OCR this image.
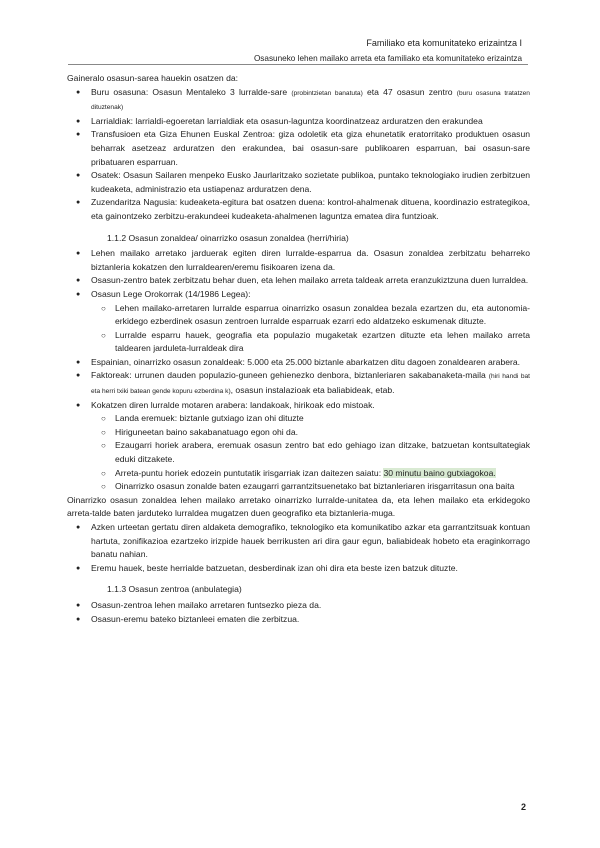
Familiako eta komunitateko erizaintza I
Osasuneko lehen mailako arreta eta familiako eta komunitateko erizaintza

Gaineralo osasun-sarea hauekin osatzen da:

● Buru osasuna: Osasun Mentaleko 3 lurralde-sare (probintzietan banatuta) eta 47 osasun zentro (buru osasuna tratatzen dituztenak)
● Larrialdiak: larrialdi-egoeretan larrialdiak eta osasun-laguntza koordinatzeaz arduratzen den erakundea
● Transfusioen eta Giza Ehunen Euskal Zentroa: giza odoletik eta giza ehunetatik eratorritako produktuen osasun beharrak asetzeaz arduratzen den erakundea, bai osasun-sare publikoaren esparruan, bai osasun-sare pribatuaren esparruan.
● Osatek: Osasun Sailaren menpeko Eusko Jaurlaritzako sozietate publikoa, puntako teknologiako irudien zerbitzuen kudeaketa, administrazio eta ustiapenaz arduratzen dena.
● Zuzendaritza Nagusia: kudeaketa-egitura bat osatzen duena: kontrol-ahalmenak dituena, koordinazio estrategikoa, eta gainontzeko zerbitzu-erakundeei kudeaketa-ahalmenen laguntza ematea dira funtzioak.
1.1.2 Osasun zonaldea/ oinarrizko osasun zonaldea (herri/hiria)
● Lehen mailako arretako jarduerak egiten diren lurralde-esparrua da. Osasun zonaldea zerbitzatu beharreko biztanleria kokatzen den lurraldearen/eremu fisikoaren izena da.
● Osasun-zentro batek zerbitzatu behar duen, eta lehen mailako arreta taldeak arreta eranzukiztzuna duen lurraldea.
● Osasun Lege Orokorrak (14/1986 Legea):
○ Lehen mailako-arretaren lurralde esparrua oinarrizko osasun zonaldea bezala ezartzen du, eta autonomia-erkidego ezberdinek osasun zentroen lurralde esparruak ezarri edo aldatzeko eskumenak dituzte.
○ Lurralde esparru hauek, geografia eta populazio mugaketak ezartzen dituzte eta lehen mailako arreta taldearen jarduleta-lurraldeak dira
● Espainian, oinarrizko osasun zonaldeak: 5.000 eta 25.000 biztanle abarkatzen ditu dagoen zonaldearen arabera.
● Faktoreak: urrunen dauden populazio-guneen gehienezko denbora, biztanleriaren sakabanaketa-maila (hiri handi bat eta herri txiki batean gende kopuru ezberdina k), osasun instalazioak eta baliabideak, etab.
● Kokatzen diren lurralde motaren arabera: landakoak, hirikoak edo mistoak.
○ Landa eremuek: biztanle gutxiago izan ohi dituzte
○ Hiriguneetan baino sakabanatuago egon ohi da.
○ Ezaugarri horiek arabera, eremuak osasun zentro bat edo gehiago izan ditzake, batzuetan kontsultategiak eduki ditzakete.
○ Arreta-puntu horiek edozein puntutatik irisgarriak izan daitezen saiatu: 30 minutu baino gutxiagokoa.
○ Oinarrizko osasun zonalde baten ezaugarri garrantzitsuenetako bat biztanleriaren irisgarritasun ona baita

Oinarrizko osasun zonaldea lehen mailako arretako oinarrizko lurralde-unitatea da, eta lehen mailako eta erkidegoko arreta-talde baten jarduteko lurraldea mugatzen duen geografiko eta biztanleria-muga.

● Azken urteetan gertatu diren aldaketa demografiko, teknologiko eta komunikatibo azkar eta garrantzitsuak kontuan hartuta, zonifikazioa ezartzeko irizpide hauek berrikusten ari dira gaur egun, baliabideak hobeto eta eraginkorrago banatu nahian.
● Eremu hauek, beste herrialde batzuetan, desberdinak izan ohi dira eta beste izen batzuk dituzte.
1.1.3 Osasun zentroa (anbulategia)
● Osasun-zentroa lehen mailako arretaren funtsezko pieza da.
● Osasun-eremu bateko biztanleei ematen die zerbitzua.
2
